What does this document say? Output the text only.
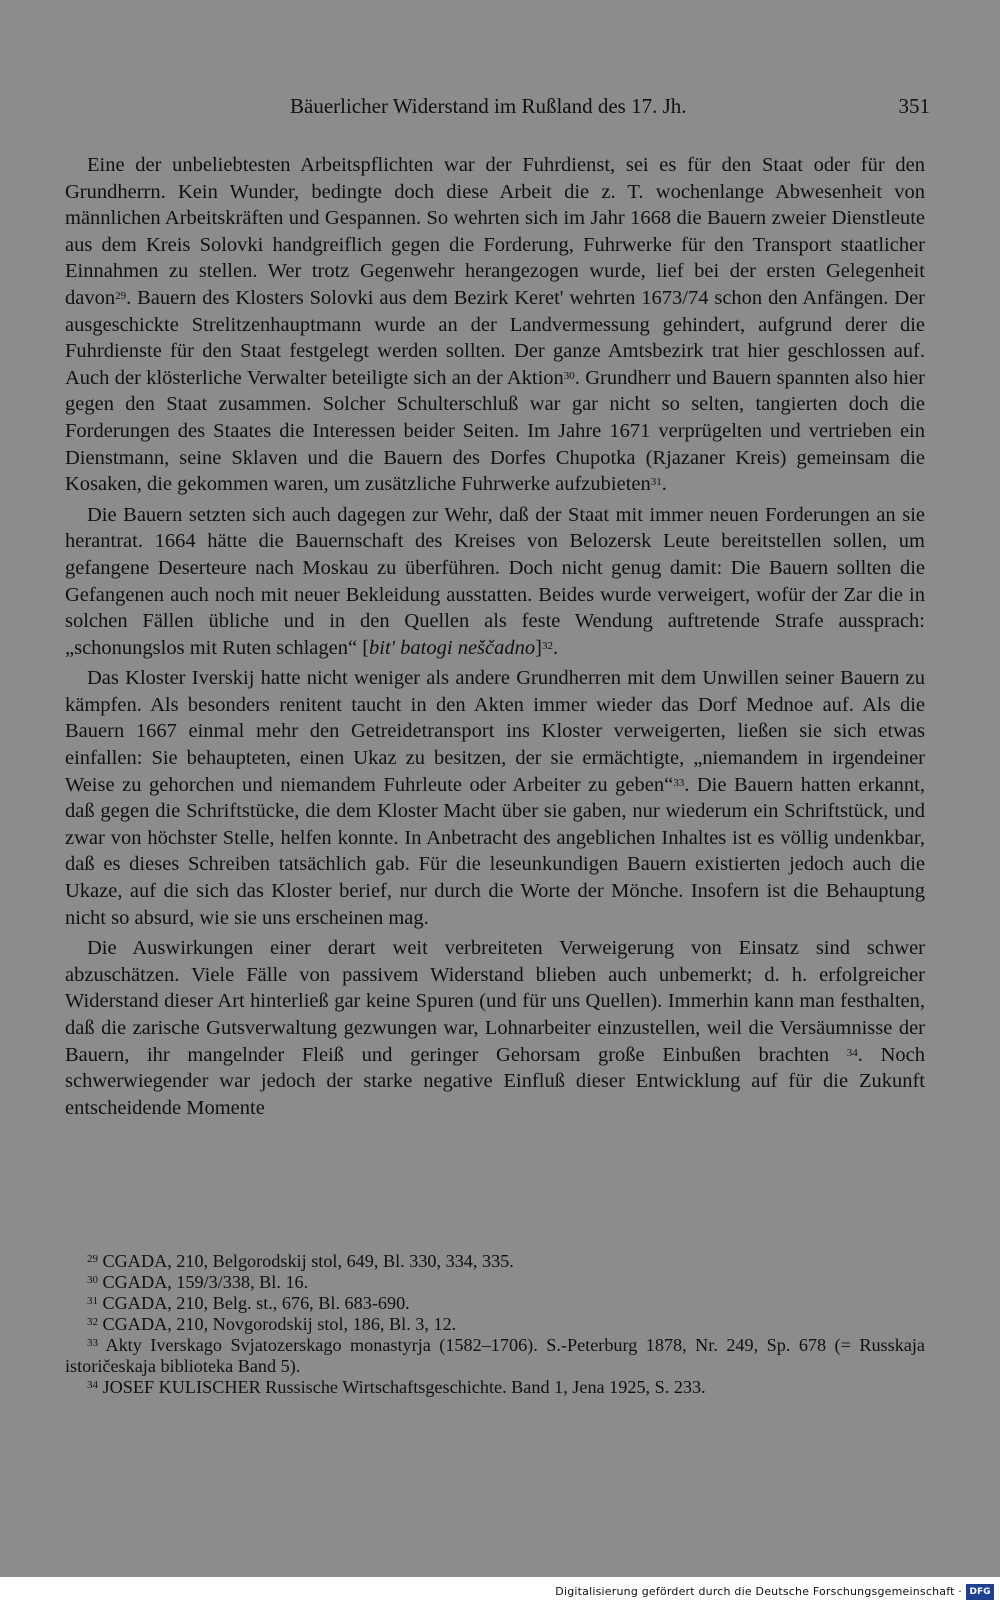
Bäuerlicher Widerstand im Rußland des 17. Jh.	351

Eine der unbeliebtesten Arbeitspflichten war der Fuhrdienst, sei es für den Staat oder für den Grundherrn. Kein Wunder, bedingte doch diese Arbeit die z. T. wochenlange Abwesenheit von männlichen Arbeitskräften und Gespannen. So wehrten sich im Jahr 1668 die Bauern zweier Dienstleute aus dem Kreis Solovki handgreiflich gegen die Forderung, Fuhrwerke für den Transport staatlicher Einnahmen zu stellen. Wer trotz Gegenwehr herangezogen wurde, lief bei der ersten Gelegenheit davon$^{29}$. Bauern des Klosters Solovki aus dem Bezirk Keret' wehrten 1673/74 schon den Anfängen. Der ausgeschickte Strelitzenhauptmann wurde an der Landvermessung gehindert, aufgrund derer die Fuhrdienste für den Staat festgelegt werden sollten. Der ganze Amtsbezirk trat hier geschlossen auf. Auch der klösterliche Verwalter beteiligte sich an der Aktion$^{30}$. Grundherr und Bauern spannten also hier gegen den Staat zusammen. Solcher Schulterschluß war gar nicht so selten, tangierten doch die Forderungen des Staates die Interessen beider Seiten. Im Jahre 1671 verprügelten und vertrieben ein Dienstmann, seine Sklaven und die Bauern des Dorfes Chupotka (Rjazaner Kreis) gemeinsam die Kosaken, die gekommen waren, um zusätzliche Fuhrwerke aufzubieten$^{31}$.

Die Bauern setzten sich auch dagegen zur Wehr, daß der Staat mit immer neuen Forderungen an sie herantrat. 1664 hätte die Bauernschaft des Kreises von Belozersk Leute bereitstellen sollen, um gefangene Deserteure nach Moskau zu überführen. Doch nicht genug damit: Die Bauern sollten die Gefangenen auch noch mit neuer Bekleidung ausstatten. Beides wurde verweigert, wofür der Zar die in solchen Fällen übliche und in den Quellen als feste Wendung auftretende Strafe aussprach: „schonungslos mit Ruten schlagen“ [bit' batogi neščadno]$^{32}$.

Das Kloster Iverskij hatte nicht weniger als andere Grundherren mit dem Unwillen seiner Bauern zu kämpfen. Als besonders renitent taucht in den Akten immer wieder das Dorf Mednoe auf. Als die Bauern 1667 einmal mehr den Getreidetransport ins Kloster verweigerten, ließen sie sich etwas einfallen: Sie behaupteten, einen Ukaz zu besitzen, der sie ermächtigte, „niemandem in irgendeiner Weise zu gehorchen und niemandem Fuhrleute oder Arbeiter zu geben“$^{33}$. Die Bauern hatten erkannt, daß gegen die Schriftstücke, die dem Kloster Macht über sie gaben, nur wiederum ein Schriftstück, und zwar von höchster Stelle, helfen konnte. In Anbetracht des angeblichen Inhaltes ist es völlig undenkbar, daß es dieses Schreiben tatsächlich gab. Für die leseunkundigen Bauern existierten jedoch auch die Ukaze, auf die sich das Kloster berief, nur durch die Worte der Mönche. Insofern ist die Behauptung nicht so absurd, wie sie uns erscheinen mag.

Die Auswirkungen einer derart weit verbreiteten Verweigerung von Einsatz sind schwer abzuschätzen. Viele Fälle von passivem Widerstand blieben auch unbemerkt; d. h. erfolgreicher Widerstand dieser Art hinterließ gar keine Spuren (und für uns Quellen). Immerhin kann man festhalten, daß die zarische Gutsverwaltung gezwungen war, Lohnarbeiter einzustellen, weil die Versäumnisse der Bauern, ihr mangelnder Fleiß und geringer Gehorsam große Einbußen brachten $^{34}$. Noch schwerwiegender war jedoch der starke negative Einfluß dieser Entwicklung auf für die Zukunft entscheidende Momente

$^{29}$ CGADA, 210, Belgorodskij stol, 649, Bl. 330, 334, 335.
$^{30}$ CGADA, 159/3/338, Bl. 16.
$^{31}$ CGADA, 210, Belg. st., 676, Bl. 683-690.
$^{32}$ CGADA, 210, Novgorodskij stol, 186, Bl. 3, 12.
$^{33}$ Akty Iverskago Svjatozerskago monastyrja (1582–1706). S.-Peterburg 1878, Nr. 249, Sp. 678 (= Russkaja istoričeskaja biblioteka Band 5).
$^{34}$ JOSEF KULISCHER Russische Wirtschaftsgeschichte. Band 1, Jena 1925, S. 233.
Digitalisierung gefördert durch die Deutsche Forschungsgemeinschaft · DFG
